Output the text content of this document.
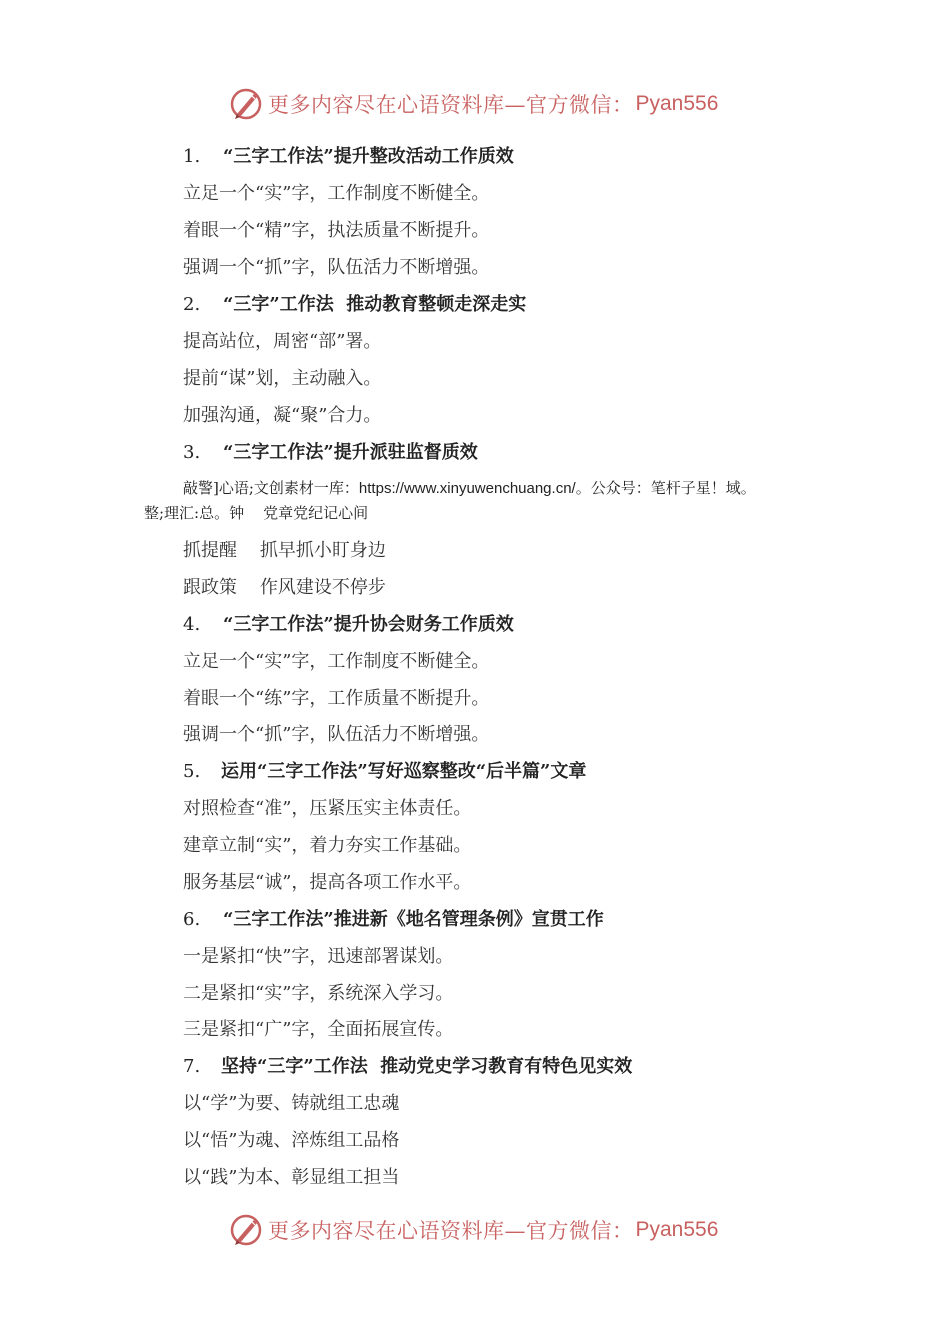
更多内容尽在心语资料库—官方微信： Pyan556
1. “三字工作法”提升整改活动工作质效
立足一个“实”字，工作制度不断健全。
着眼一个“精”字，执法质量不断提升。
强调一个“抓”字，队伍活力不断增强。
2. “三字”工作法  推动教育整顿走深走实
提高站位，周密“部”署。
提前“谋”划，主动融入。
加强沟通，凝“聚”合力。
3. “三字工作法”提升派驻监督质效
敲警]心语;文创素材一库：https://www.xinyuwenchuang.cn/。公众号：笔杆子星！域。
整;理汇:总。钟    党章党纪记心间
抓提醒    抓早抓小盯身边
跟政策    作风建设不停步
4. “三字工作法”提升协会财务工作质效
立足一个“实”字，工作制度不断健全。
着眼一个“练”字，工作质量不断提升。
强调一个“抓”字，队伍活力不断增强。
5. 运用“三字工作法”写好巡察整改“后半篇”文章
对照检查“准”，压紧压实主体责任。
建章立制“实”，着力夯实工作基础。
服务基层“诚”，提高各项工作水平。
6. “三字工作法”推进新《地名管理条例》宣贯工作
一是紧扣“快”字，迅速部署谋划。
二是紧扣“实”字，系统深入学习。
三是紧扣“广”字，全面拓展宣传。
7. 坚持“三字”工作法  推动党史学习教育有特色见实效
以“学”为要、铸就组工忠魂
以“悟”为魂、淬炼组工品格
以“践”为本、彰显组工担当
更多内容尽在心语资料库—官方微信： Pyan556
